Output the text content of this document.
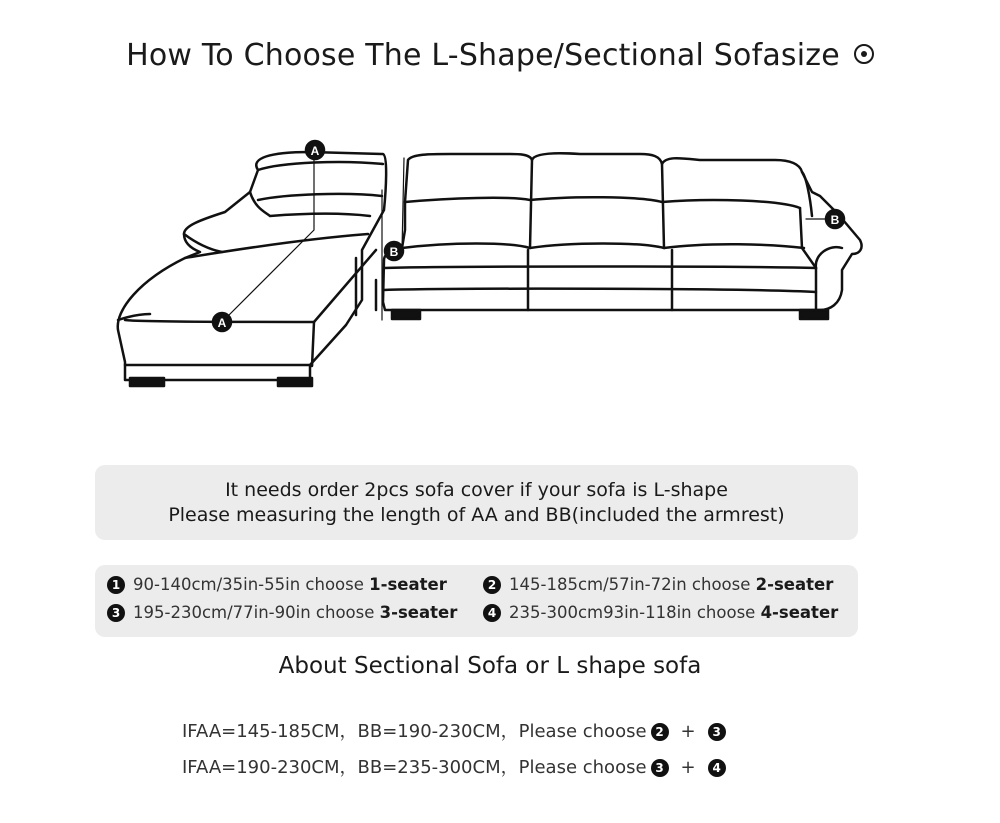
How To Choose The L-Shape/Sectional Sofasize
A
A
B
B
It needs order 2pcs sofa cover if your sofa is L-shape
Please measuring the length of AA and BB(included the armrest)
1 90-140cm/35in-55in choose 1-seater	2 145-185cm/57in-72in choose 2-seater
3 195-230cm/77in-90in choose 3-seater	4 235-300cm93in-118in choose 4-seater
About Sectional Sofa or L shape sofa
IFAA=145-185CM，BB=190-230CM，Please choose 2 + 3
IFAA=190-230CM，BB=235-300CM，Please choose 3 + 4
